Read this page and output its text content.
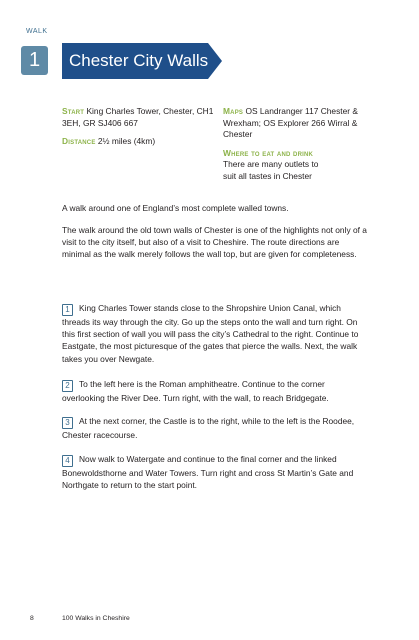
WALK
1	Chester City Walls
Start King Charles Tower, Chester, CH1 3EH, GR SJ406 667
Distance 2½ miles (4km)
Maps OS Landranger 117 Chester & Wrexham; OS Explorer 266 Wirral & Chester
Where to eat and drink
There are many outlets to suit all tastes in Chester
A walk around one of England’s most complete walled towns.
The walk around the old town walls of Chester is one of the highlights not only of a visit to the city itself, but also of a visit to Cheshire. The route directions are minimal as the walk merely follows the wall top, but are given for completeness.
1 King Charles Tower stands close to the Shropshire Union Canal, which threads its way through the city. Go up the steps onto the wall and turn right. On this first section of wall you will pass the city’s Cathedral to the right. Continue to Eastgate, the most picturesque of the gates that pierce the walls. Next, the walk takes you over Newgate.
2 To the left here is the Roman amphitheatre. Continue to the corner overlooking the River Dee. Turn right, with the wall, to reach Bridgegate.
3 At the next corner, the Castle is to the right, while to the left is the Roodee, Chester racecourse.
4 Now walk to Watergate and continue to the final corner and the linked Bonewoldsthorne and Water Towers. Turn right and cross St Martin’s Gate and Northgate to return to the start point.
8	100 Walks in Cheshire
